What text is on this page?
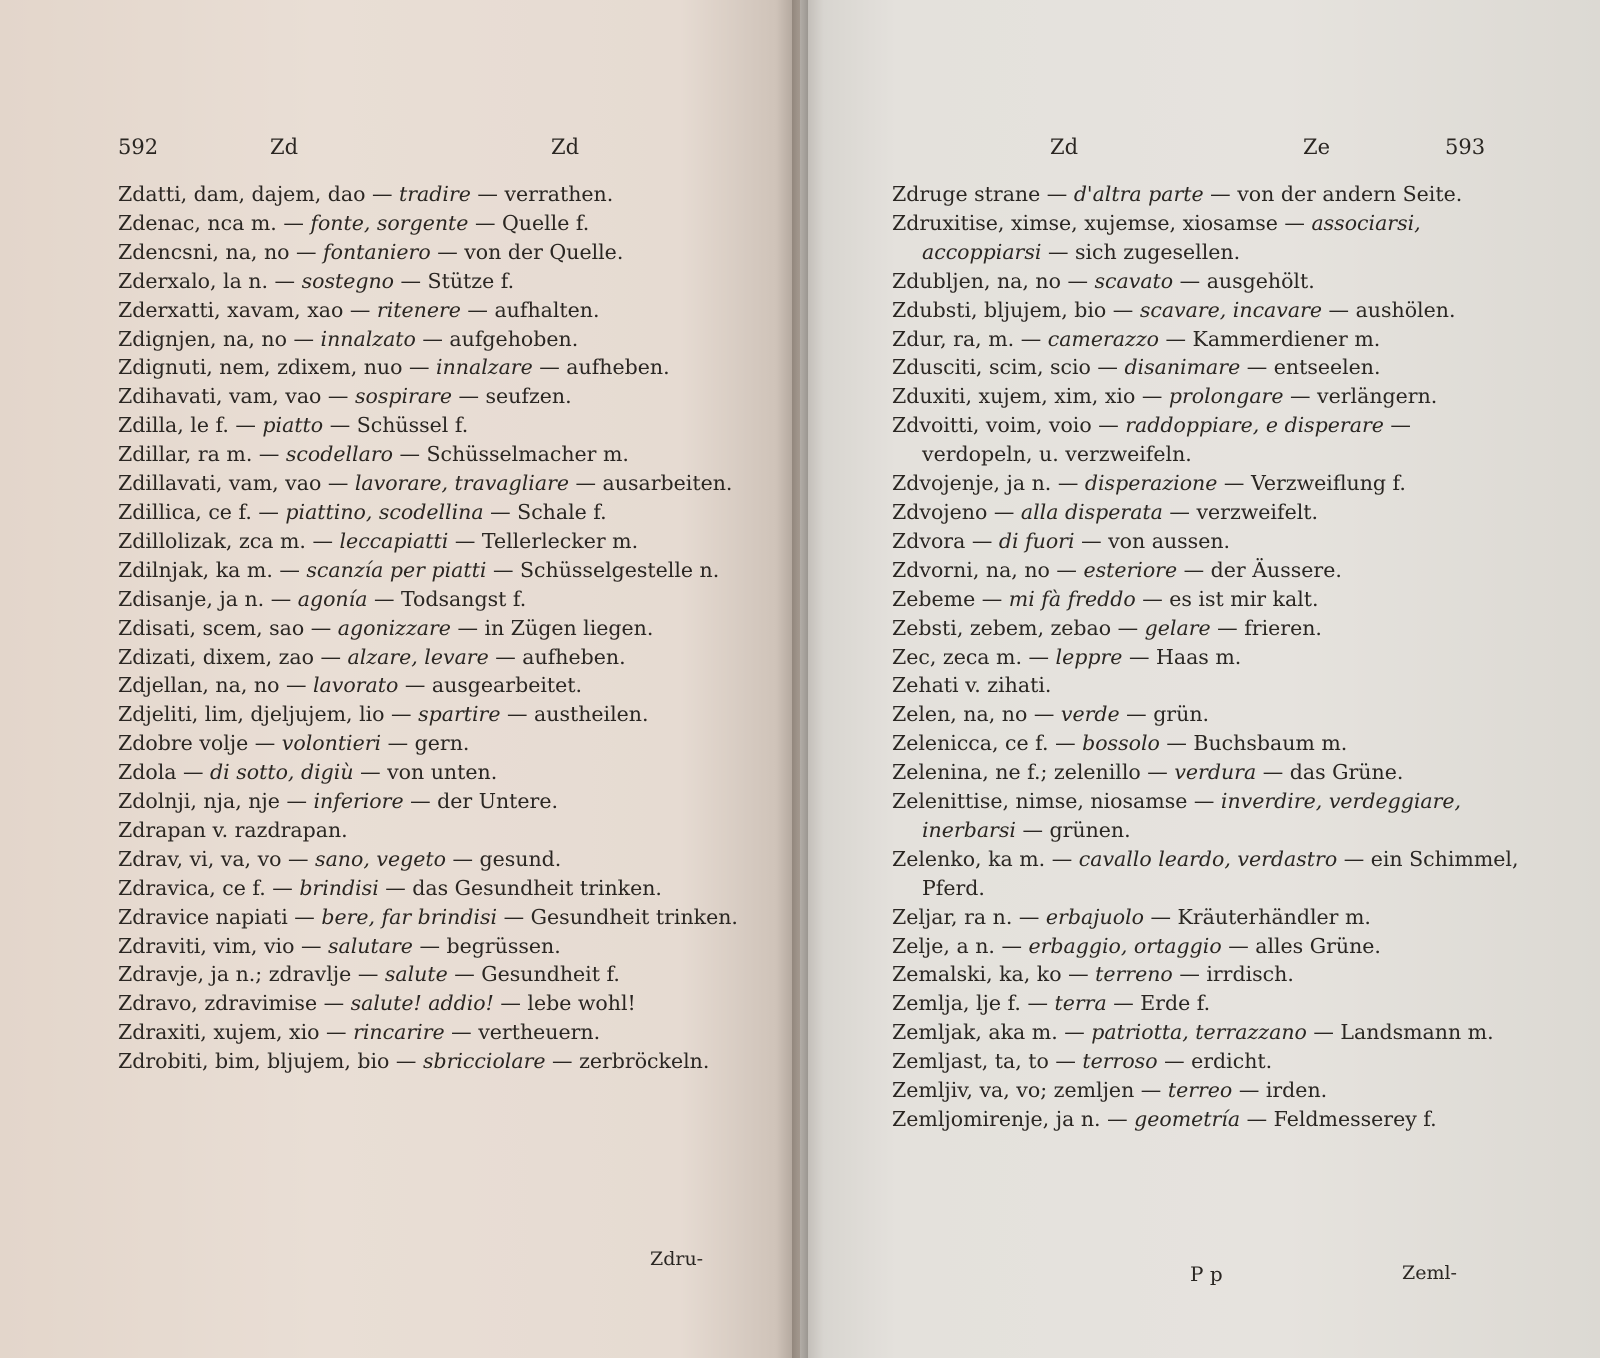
592	Zd	Zd
Zdatti, dam, dajem, dao — tradire — verrathen.
Zdenac, nca m. — fonte, sorgente — Quelle f.
Zdencsni, na, no — fontaniero — von der Quelle.
Zderxalo, la n. — sostegno — Stütze f.
Zderxatti, xavam, xao — ritenere — aufhalten.
Zdignjen, na, no — innalzato — aufgehoben.
Zdignuti, nem, zdixem, nuo — innalzare — aufheben.
Zdihavati, vam, vao — sospirare — seufzen.
Zdilla, le f. — piatto — Schüssel f.
Zdillar, ra m. — scodellaro — Schüsselmacher m.
Zdillavati, vam, vao — lavorare, travagliare — ausarbeiten.
Zdillica, ce f. — piattino, scodellina — Schale f.
Zdillolizak, zca m. — leccapiatti — Tellerlecker m.
Zdilnjak, ka m. — scanzía per piatti — Schüsselgestelle n.
Zdisanje, ja n. — agonía — Todsangst f.
Zdisati, scem, sao — agonizzare — in Zügen liegen.
Zdizati, dixem, zao — alzare, levare — aufheben.
Zdjellan, na, no — lavorato — ausgearbeitet.
Zdjeliti, lim, djeljujem, lio — spartire — austheilen.
Zdobre volje — volontieri — gern.
Zdola — di sotto, digiù — von unten.
Zdolnji, nja, nje — inferiore — der Untere.
Zdrapan v. razdrapan.
Zdrav, vi, va, vo — sano, vegeto — gesund.
Zdravica, ce f. — brindisi — das Gesundheit trinken.
Zdravice napiati — bere, far brindisi — Gesundheit trinken.
Zdraviti, vim, vio — salutare — begrüssen.
Zdravje, ja n.; zdravlje — salute — Gesundheit f.
Zdravo, zdravimise — salute! addio! — lebe wohl!
Zdraxiti, xujem, xio — rincarire — vertheuern.
Zdrobiti, bim, bljujem, bio — sbricciolare — zerbröckeln.
Zdru-
Zd	Ze	593
Zdruge strane — d'altra parte — von der andern Seite.
Zdruxitise, ximse, xujemse, xiosamse — associarsi, accoppiarsi — sich zugesellen.
Zdubljen, na, no — scavato — ausgehölt.
Zdubsti, bljujem, bio — scavare, incavare — aushölen.
Zdur, ra, m. — camerazzo — Kammerdiener m.
Zdusciti, scim, scio — disanimare — entseelen.
Zduxiti, xujem, xim, xio — prolongare — verlängern.
Zdvoitti, voim, voio — raddoppiare, e disperare — verdopeln, u. verzweifeln.
Zdvojenje, ja n. — disperazione — Verzweiflung f.
Zdvojeno — alla disperata — verzweifelt.
Zdvora — di fuori — von aussen.
Zdvorni, na, no — esteriore — der Äussere.
Zebeme — mi fà freddo — es ist mir kalt.
Zebsti, zebem, zebao — gelare — frieren.
Zec, zeca m. — leppre — Haas m.
Zehati v. zihati.
Zelen, na, no — verde — grün.
Zelenicca, ce f. — bossolo — Buchsbaum m.
Zelenina, ne f.; zelenillo — verdura — das Grüne.
Zelenittise, nimse, niosamse — inverdire, verdeggiare, inerbarsi — grünen.
Zelenko, ka m. — cavallo leardo, verdastro — ein Schimmel, Pferd.
Zeljar, ra n. — erbajuolo — Kräuterhändler m.
Zelje, a n. — erbaggio, ortaggio — alles Grüne.
Zemalski, ka, ko — terreno — irrdisch.
Zemlja, lje f. — terra — Erde f.
Zemljak, aka m. — patriotta, terrazzano — Landsmann m.
Zemljast, ta, to — terroso — erdicht.
Zemljiv, va, vo; zemljen — terreo — irden.
Zemljomirenje, ja n. — geometría — Feldmesserey f.
P p	Zeml-
